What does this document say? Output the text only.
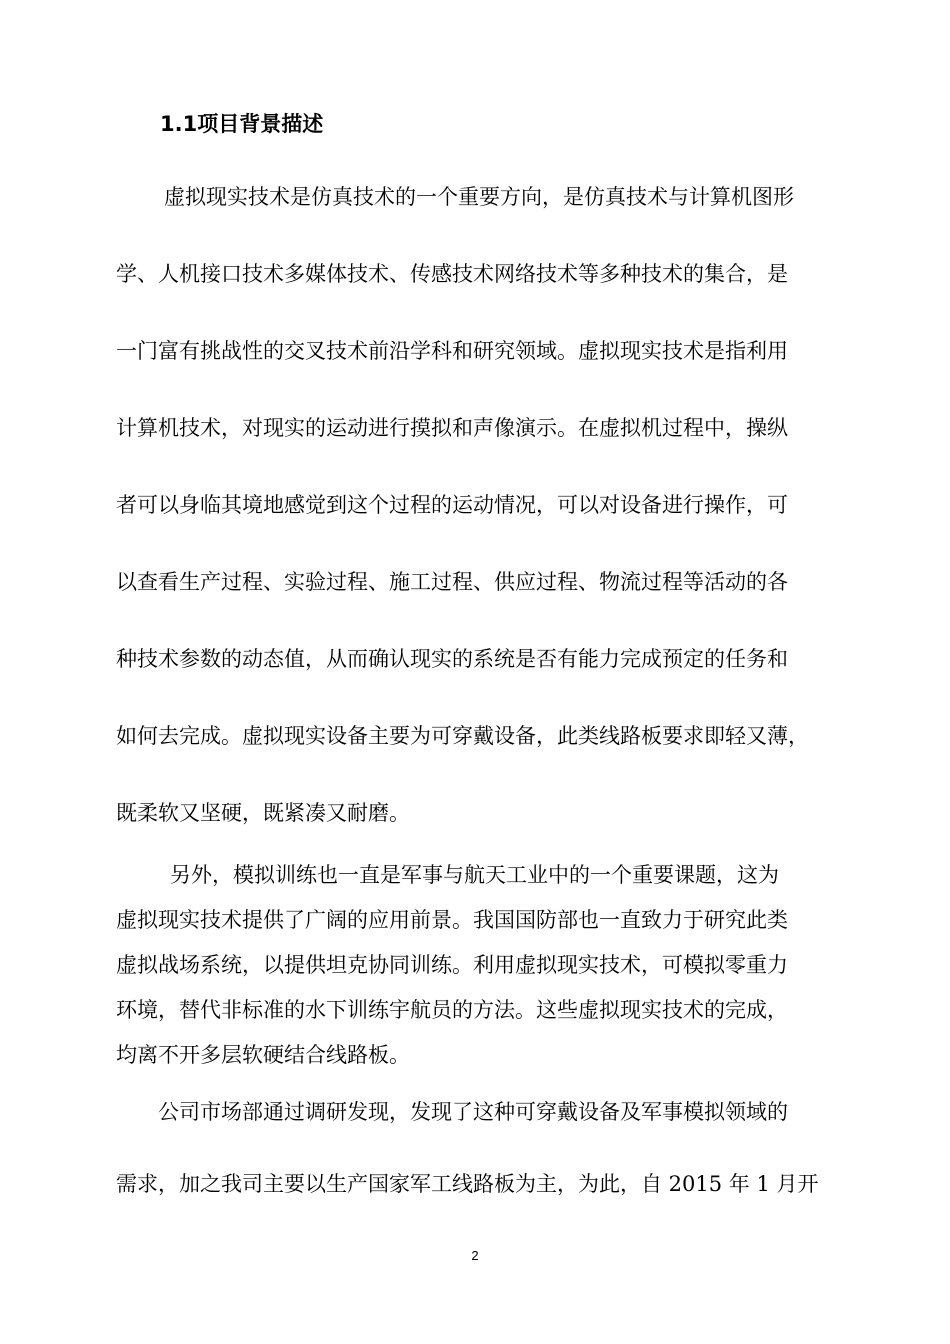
1.1项目背景描述
虚拟现实技术是仿真技术的一个重要方向，是仿真技术与计算机图形
学、人机接口技术多媒体技术、传感技术网络技术等多种技术的集合，是
一门富有挑战性的交叉技术前沿学科和研究领域。虚拟现实技术是指利用
计算机技术，对现实的运动进行摸拟和声像演示。在虚拟机过程中，操纵
者可以身临其境地感觉到这个过程的运动情况，可以对设备进行操作，可
以查看生产过程、实验过程、施工过程、供应过程、物流过程等活动的各
种技术参数的动态值，从而确认现实的系统是否有能力完成预定的任务和
如何去完成。虚拟现实设备主要为可穿戴设备，此类线路板要求即轻又薄，
既柔软又坚硬，既紧凑又耐磨。
另外，模拟训练也一直是军事与航天工业中的一个重要课题，这为
虚拟现实技术提供了广阔的应用前景。我国国防部也一直致力于研究此类
虚拟战场系统，以提供坦克协同训练。利用虚拟现实技术，可模拟零重力
环境，替代非标准的水下训练宇航员的方法。这些虚拟现实技术的完成，
均离不开多层软硬结合线路板。
公司市场部通过调研发现，发现了这种可穿戴设备及军事模拟领域的
需求，加之我司主要以生产国家军工线路板为主，为此，自 2015 年 1 月开
2
